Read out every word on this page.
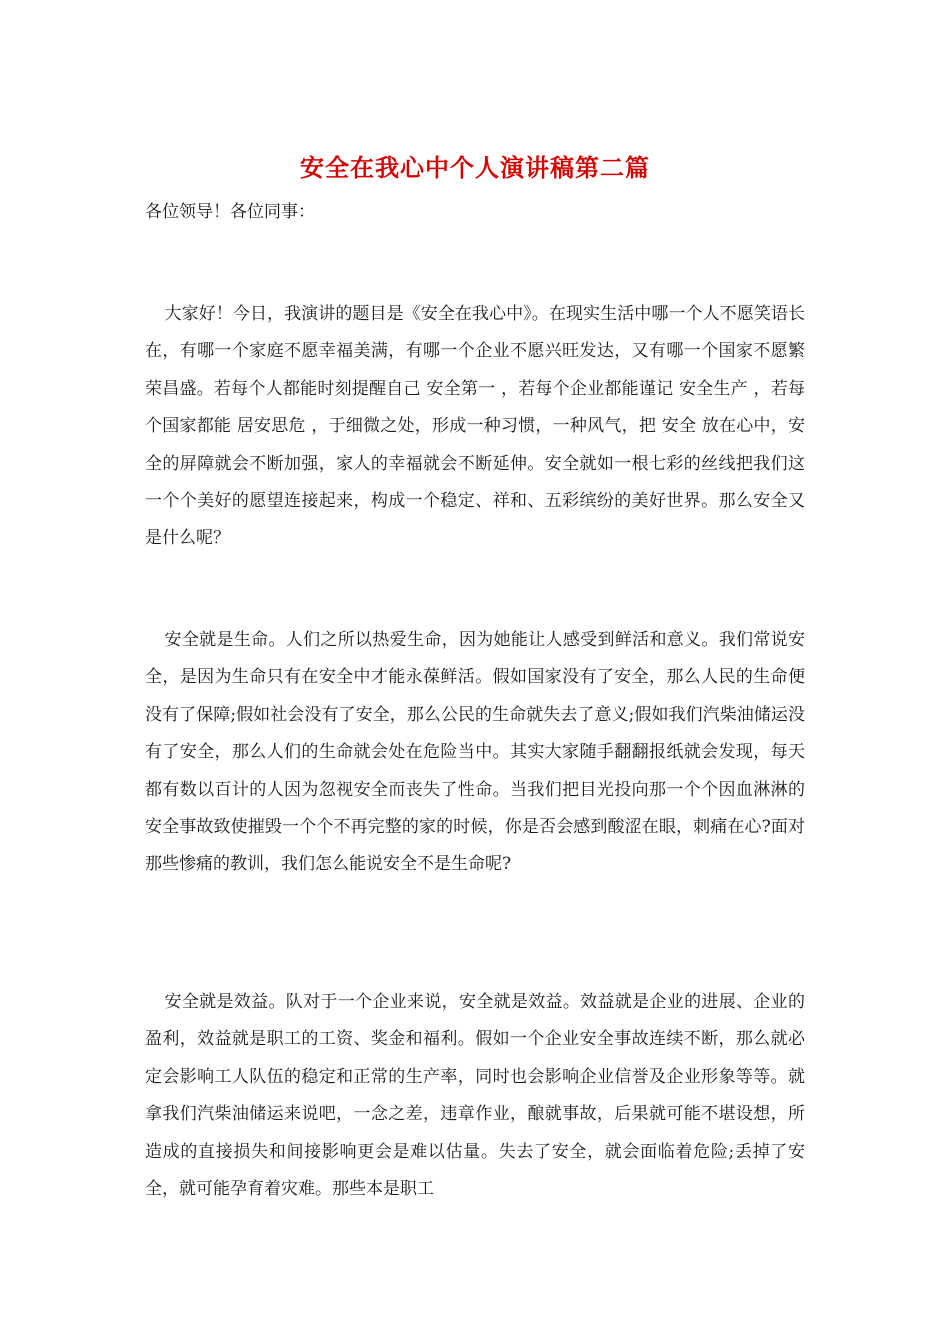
安全在我心中个人演讲稿第二篇
各位领导！各位同事：

大家好！今日，我演讲的题目是《安全在我心中》。在现实生活中哪一个人不愿笑语长在，有哪一个家庭不愿幸福美满，有哪一个企业不愿兴旺发达，又有哪一个国家不愿繁荣昌盛。若每个人都能时刻提醒自己 安全第一 ，若每个企业都能谨记 安全生产 ，若每个国家都能 居安思危 ，于细微之处，形成一种习惯，一种风气，把 安全 放在心中，安全的屏障就会不断加强，家人的幸福就会不断延伸。安全就如一根七彩的丝线把我们这一个个美好的愿望连接起来，构成一个稳定、祥和、五彩缤纷的美好世界。那么安全又是什么呢？

安全就是生命。人们之所以热爱生命，因为她能让人感受到鲜活和意义。我们常说安全，是因为生命只有在安全中才能永葆鲜活。假如国家没有了安全，那么人民的生命便没有了保障;假如社会没有了安全，那么公民的生命就失去了意义;假如我们汽柴油储运没有了安全，那么人们的生命就会处在危险当中。其实大家随手翻翻报纸就会发现，每天都有数以百计的人因为忽视安全而丧失了性命。当我们把目光投向那一个个因血淋淋的安全事故致使摧毁一个个不再完整的家的时候，你是否会感到酸涩在眼，刺痛在心?面对那些惨痛的教训，我们怎么能说安全不是生命呢?

安全就是效益。队对于一个企业来说，安全就是效益。效益就是企业的进展、企业的盈利，效益就是职工的工资、奖金和福利。假如一个企业安全事故连续不断，那么就必定会影响工人队伍的稳定和正常的生产率，同时也会影响企业信誉及企业形象等等。就拿我们汽柴油储运来说吧，一念之差，违章作业，酿就事故，后果就可能不堪设想，所造成的直接损失和间接影响更会是难以估量。失去了安全，就会面临着危险;丢掉了安全，就可能孕育着灾难。那些本是职工
